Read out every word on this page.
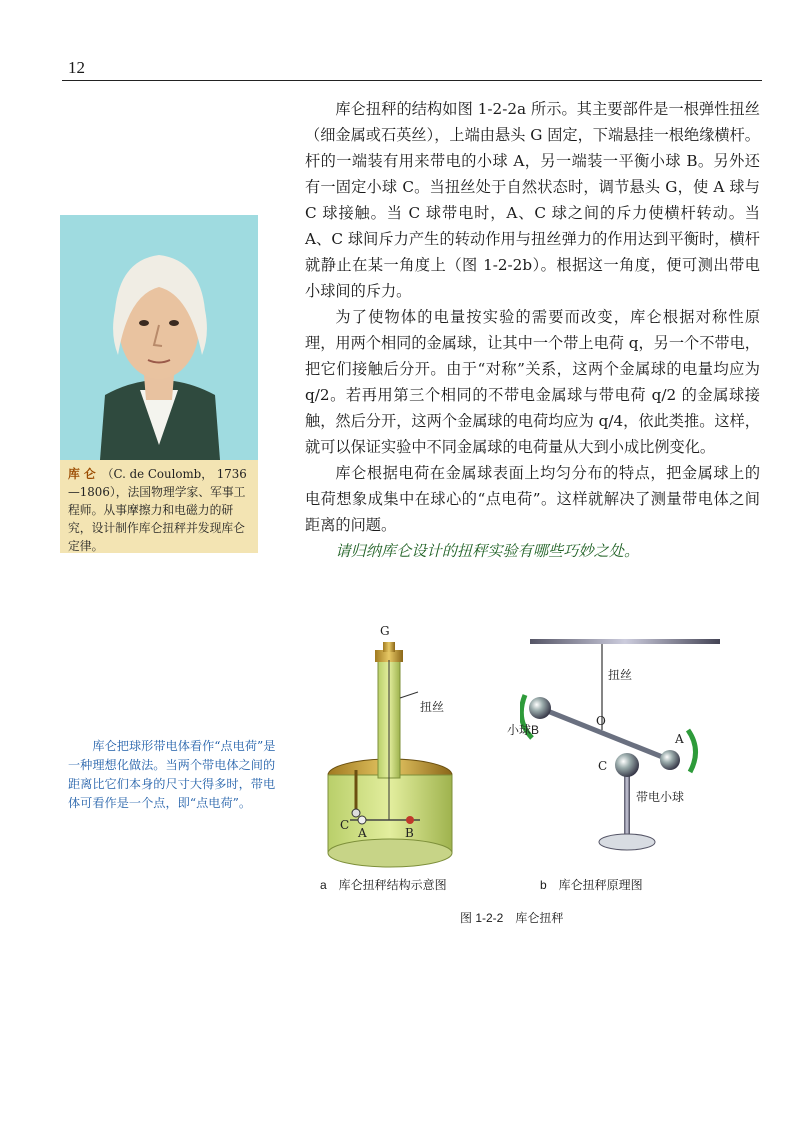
12

库仑扭秤的结构如图 1-2-2a 所示。其主要部件是一根弹性扭丝（细金属或石英丝），上端由悬头 G 固定，下端悬挂一根绝缘横杆。杆的一端装有用来带电的小球 A，另一端装一平衡小球 B。另外还有一固定小球 C。当扭丝处于自然状态时，调节悬头 G，使 A 球与 C 球接触。当 C 球带电时，A、C 球之间的斥力使横杆转动。当 A、C 球间斥力产生的转动作用与扭丝弹力的作用达到平衡时，横杆就静止在某一角度上（图 1-2-2b）。根据这一角度，便可测出带电小球间的斥力。

为了使物体的电量按实验的需要而改变，库仑根据对称性原理，用两个相同的金属球，让其中一个带上电荷 q，另一个不带电，把它们接触后分开。由于“对称”关系，这两个金属球的电量均应为 q/2。若再用第三个相同的不带电金属球与带电荷 q/2 的金属球接触，然后分开，这两个金属球的电荷均应为 q/4，依此类推。这样，就可以保证实验中不同金属球的电荷量从大到小成比例变化。

库仑根据电荷在金属球表面上均匀分布的特点，把金属球上的电荷想象成集中在球心的“点电荷”。这样就解决了测量带电体之间距离的问题。

请归纳库仑设计的扭秤实验有哪些巧妙之处。

库 仑 （C. de Coulomb， 1736—1806），法国物理学家、军事工程师。从事摩擦力和电磁力的研究，设计制作库仑扭秤并发现库仑定律。
库仑把球形带电体看作“点电荷”是一种理想化做法。当两个带电体之间的距离比它们本身的尺寸大得多时，带电体可看作是一个点，即“点电荷”。
G
扭丝
C
A	B
扭丝
O
小球B
A
C
带电小球
a　库仑扭秤结构示意图	b　库仑扭秤原理图
图 1-2-2　库仑扭秤
